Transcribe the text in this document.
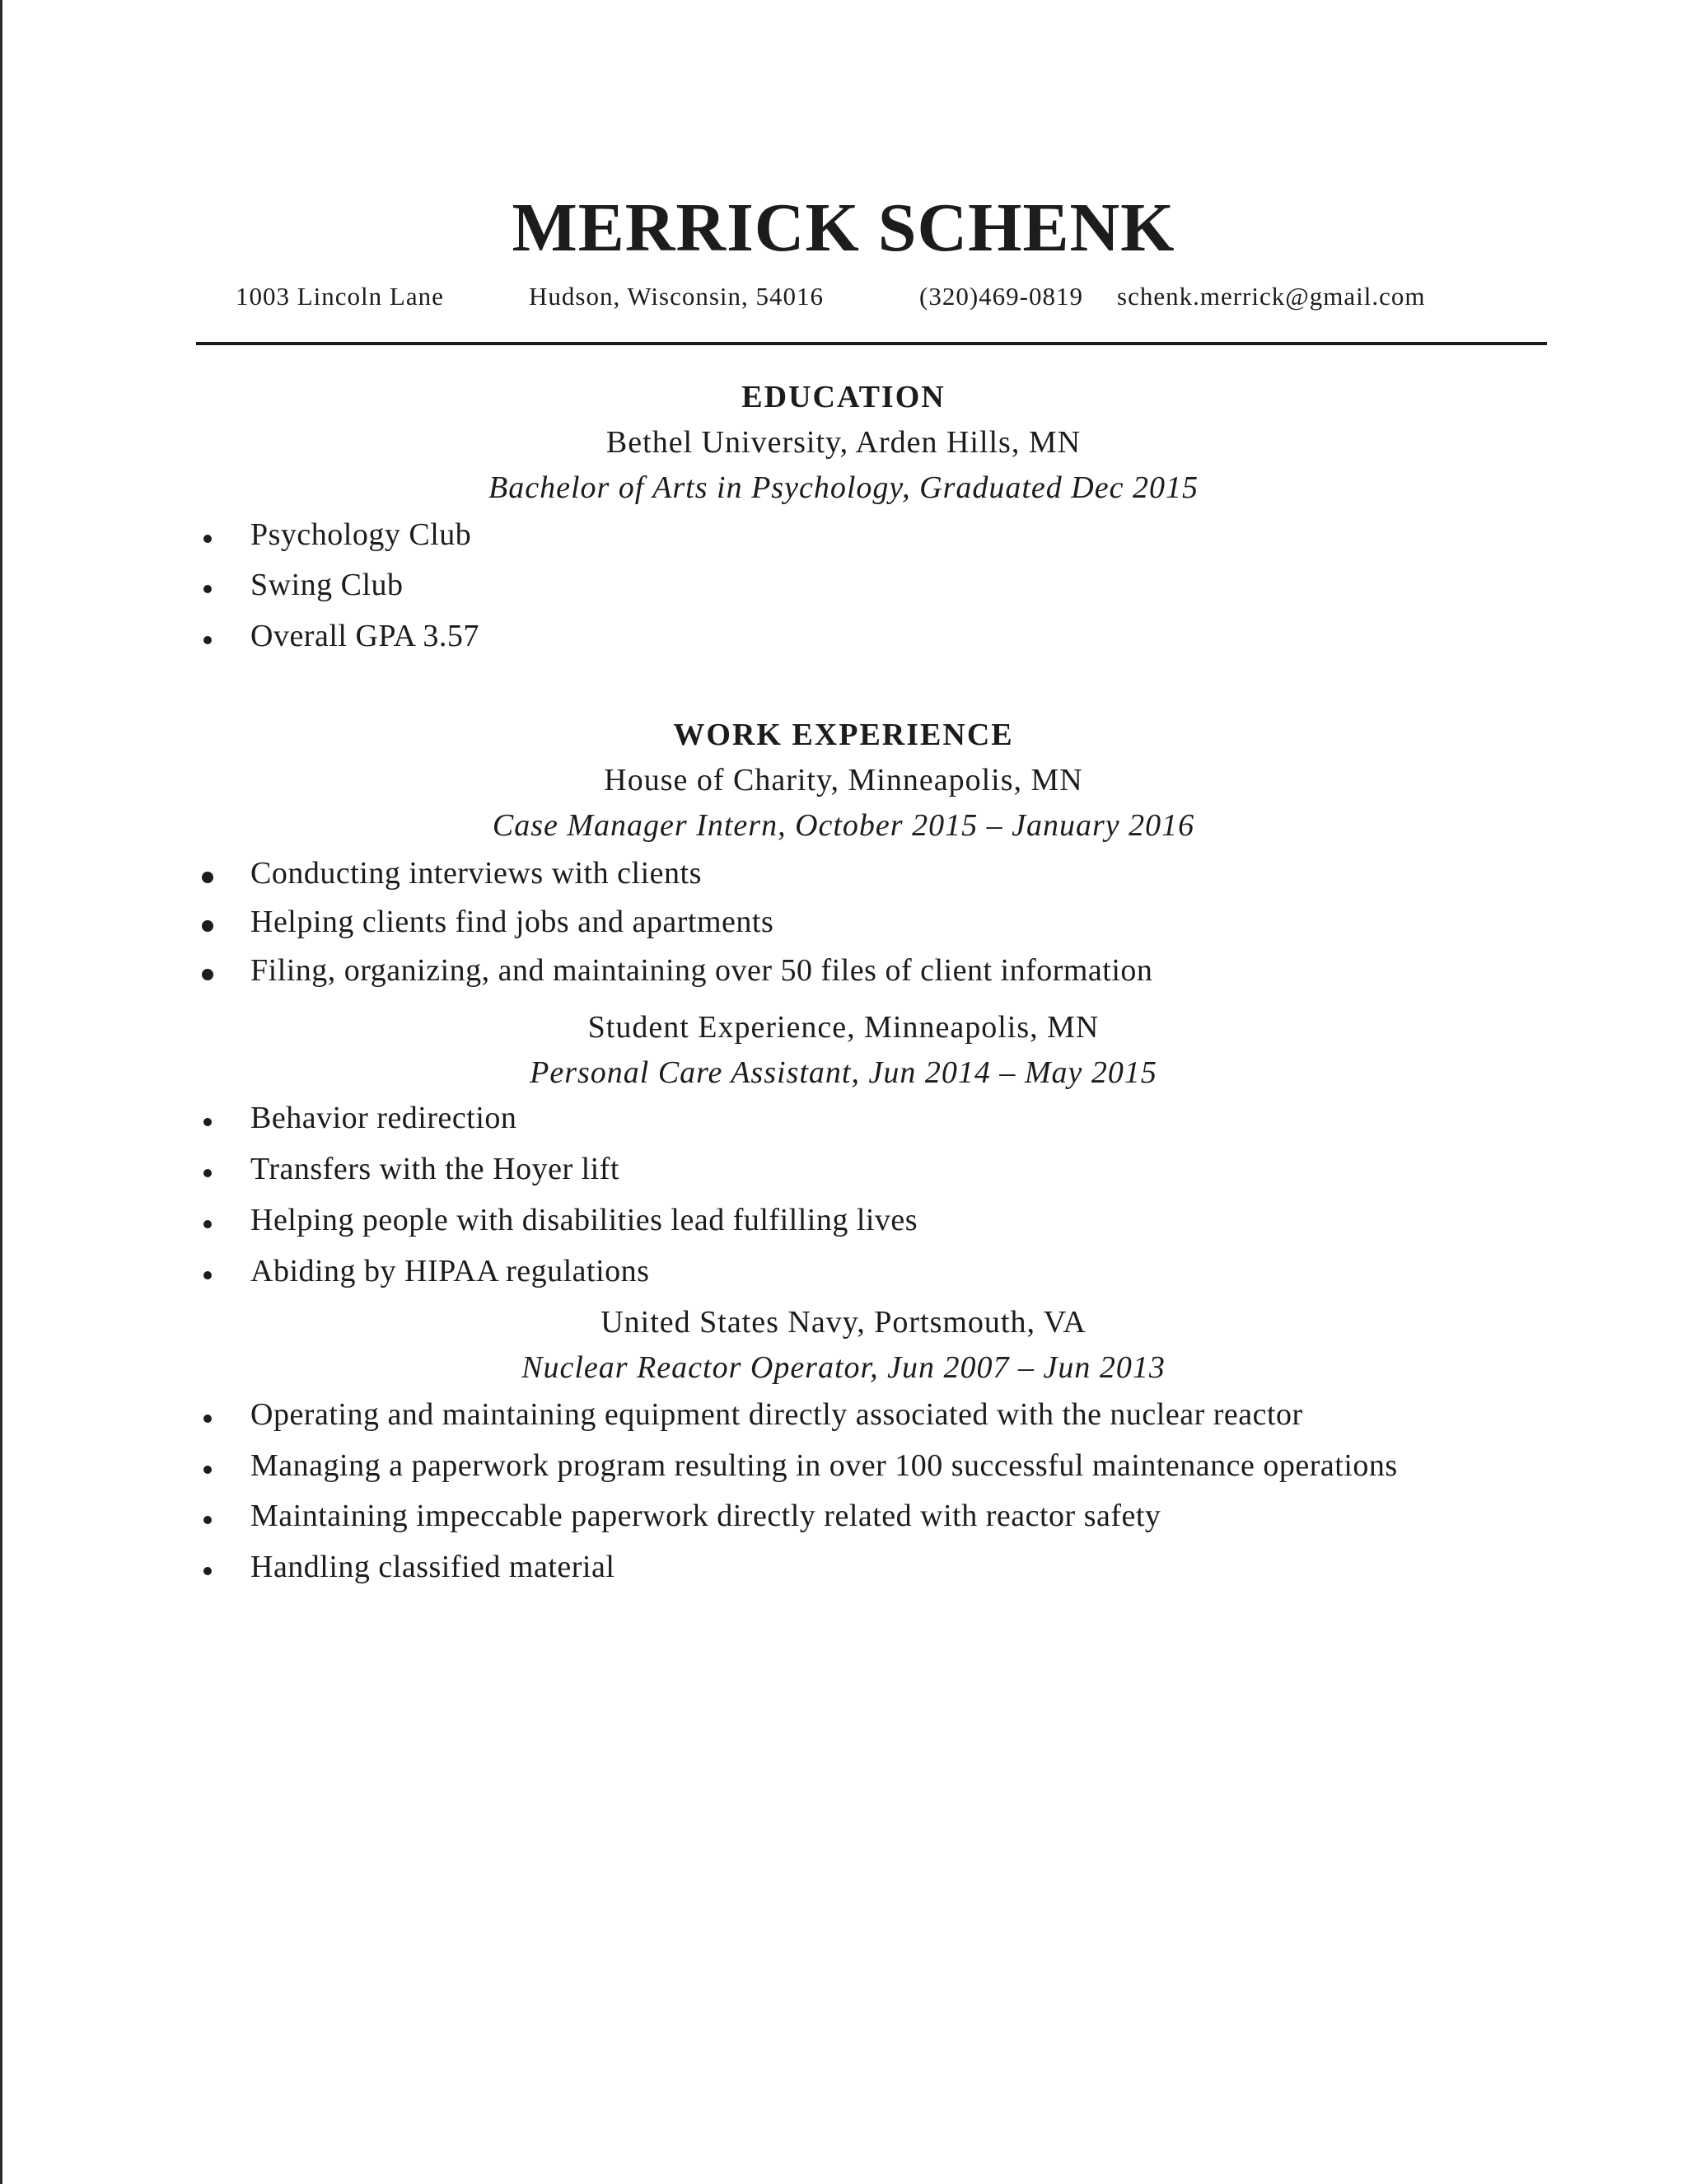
MERRICK SCHENK
1003 Lincoln Lane	Hudson, Wisconsin, 54016	(320)469-0819 schenk.merrick@gmail.com
EDUCATION
Bethel University, Arden Hills, MN
Bachelor of Arts in Psychology, Graduated Dec 2015
Psychology Club
Swing Club
Overall GPA 3.57
WORK EXPERIENCE
House of Charity, Minneapolis, MN
Case Manager Intern, October 2015 – January 2016
Conducting interviews with clients
Helping clients find jobs and apartments
Filing, organizing, and maintaining over 50 files of client information
Student Experience, Minneapolis, MN
Personal Care Assistant, Jun 2014 – May 2015
Behavior redirection
Transfers with the Hoyer lift
Helping people with disabilities lead fulfilling lives
Abiding by HIPAA regulations
United States Navy, Portsmouth, VA
Nuclear Reactor Operator, Jun 2007 – Jun 2013
Operating and maintaining equipment directly associated with the nuclear reactor
Managing a paperwork program resulting in over 100 successful maintenance operations
Maintaining impeccable paperwork directly related with reactor safety
Handling classified material
